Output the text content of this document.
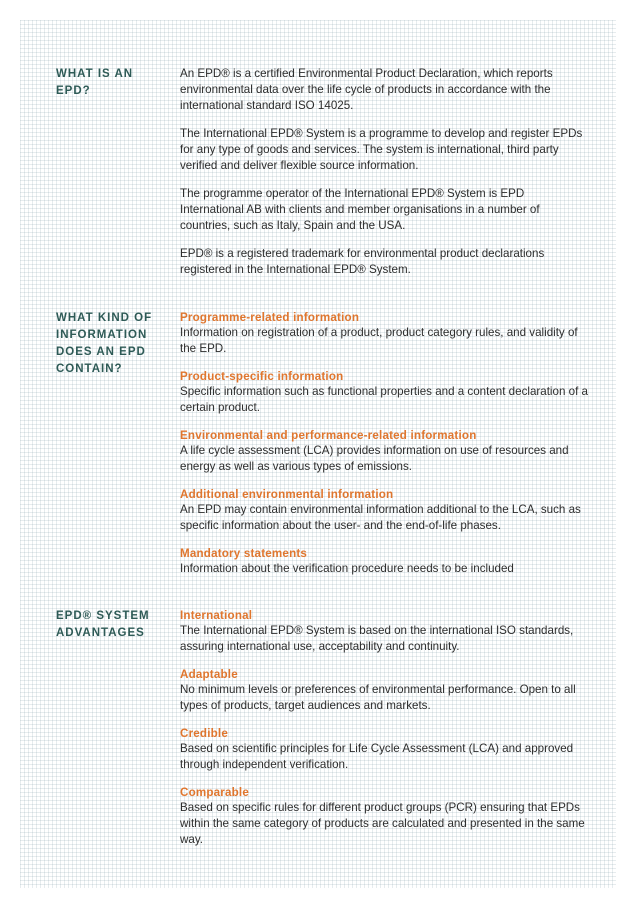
WHAT IS AN EPD?

An EPD® is a certified Environmental Product Declaration, which reports environmental data over the life cycle of products in accordance with the international standard ISO 14025.

The International EPD® System is a programme to develop and register EPDs for any type of goods and services. The system is international, third party verified and deliver flexible source information.

The programme operator of the International EPD® System is EPD International AB with clients and member organisations in a number of countries, such as Italy, Spain and the USA.

EPD® is a registered trademark for environmental product declarations registered in the International EPD® System.

WHAT KIND OF
INFORMATION
DOES AN EPD
CONTAIN?
Programme-related information
Information on registration of a product, product category rules, and validity of the EPD.
Product-specific information
Specific information such as functional properties and a content declaration of a certain product.
Environmental and performance-related information
A life cycle assessment (LCA) provides information on use of resources and energy as well as various types of emissions.
Additional environmental information
An EPD may contain environmental information additional to the LCA, such as specific information about the user- and the end-of-life phases.
Mandatory statements
Information about the verification procedure needs to be included
EPD® SYSTEM
ADVANTAGES
International
The International EPD® System is based on the international ISO standards, assuring international use, acceptability and continuity.
Adaptable
No minimum levels or preferences of environmental performance. Open to all types of products, target audiences and markets.
Credible
Based on scientific principles for Life Cycle Assessment (LCA) and approved through independent verification.
Comparable
Based on specific rules for different product groups (PCR) ensuring that EPDs within the same category of products are calculated and presented in the same way.
